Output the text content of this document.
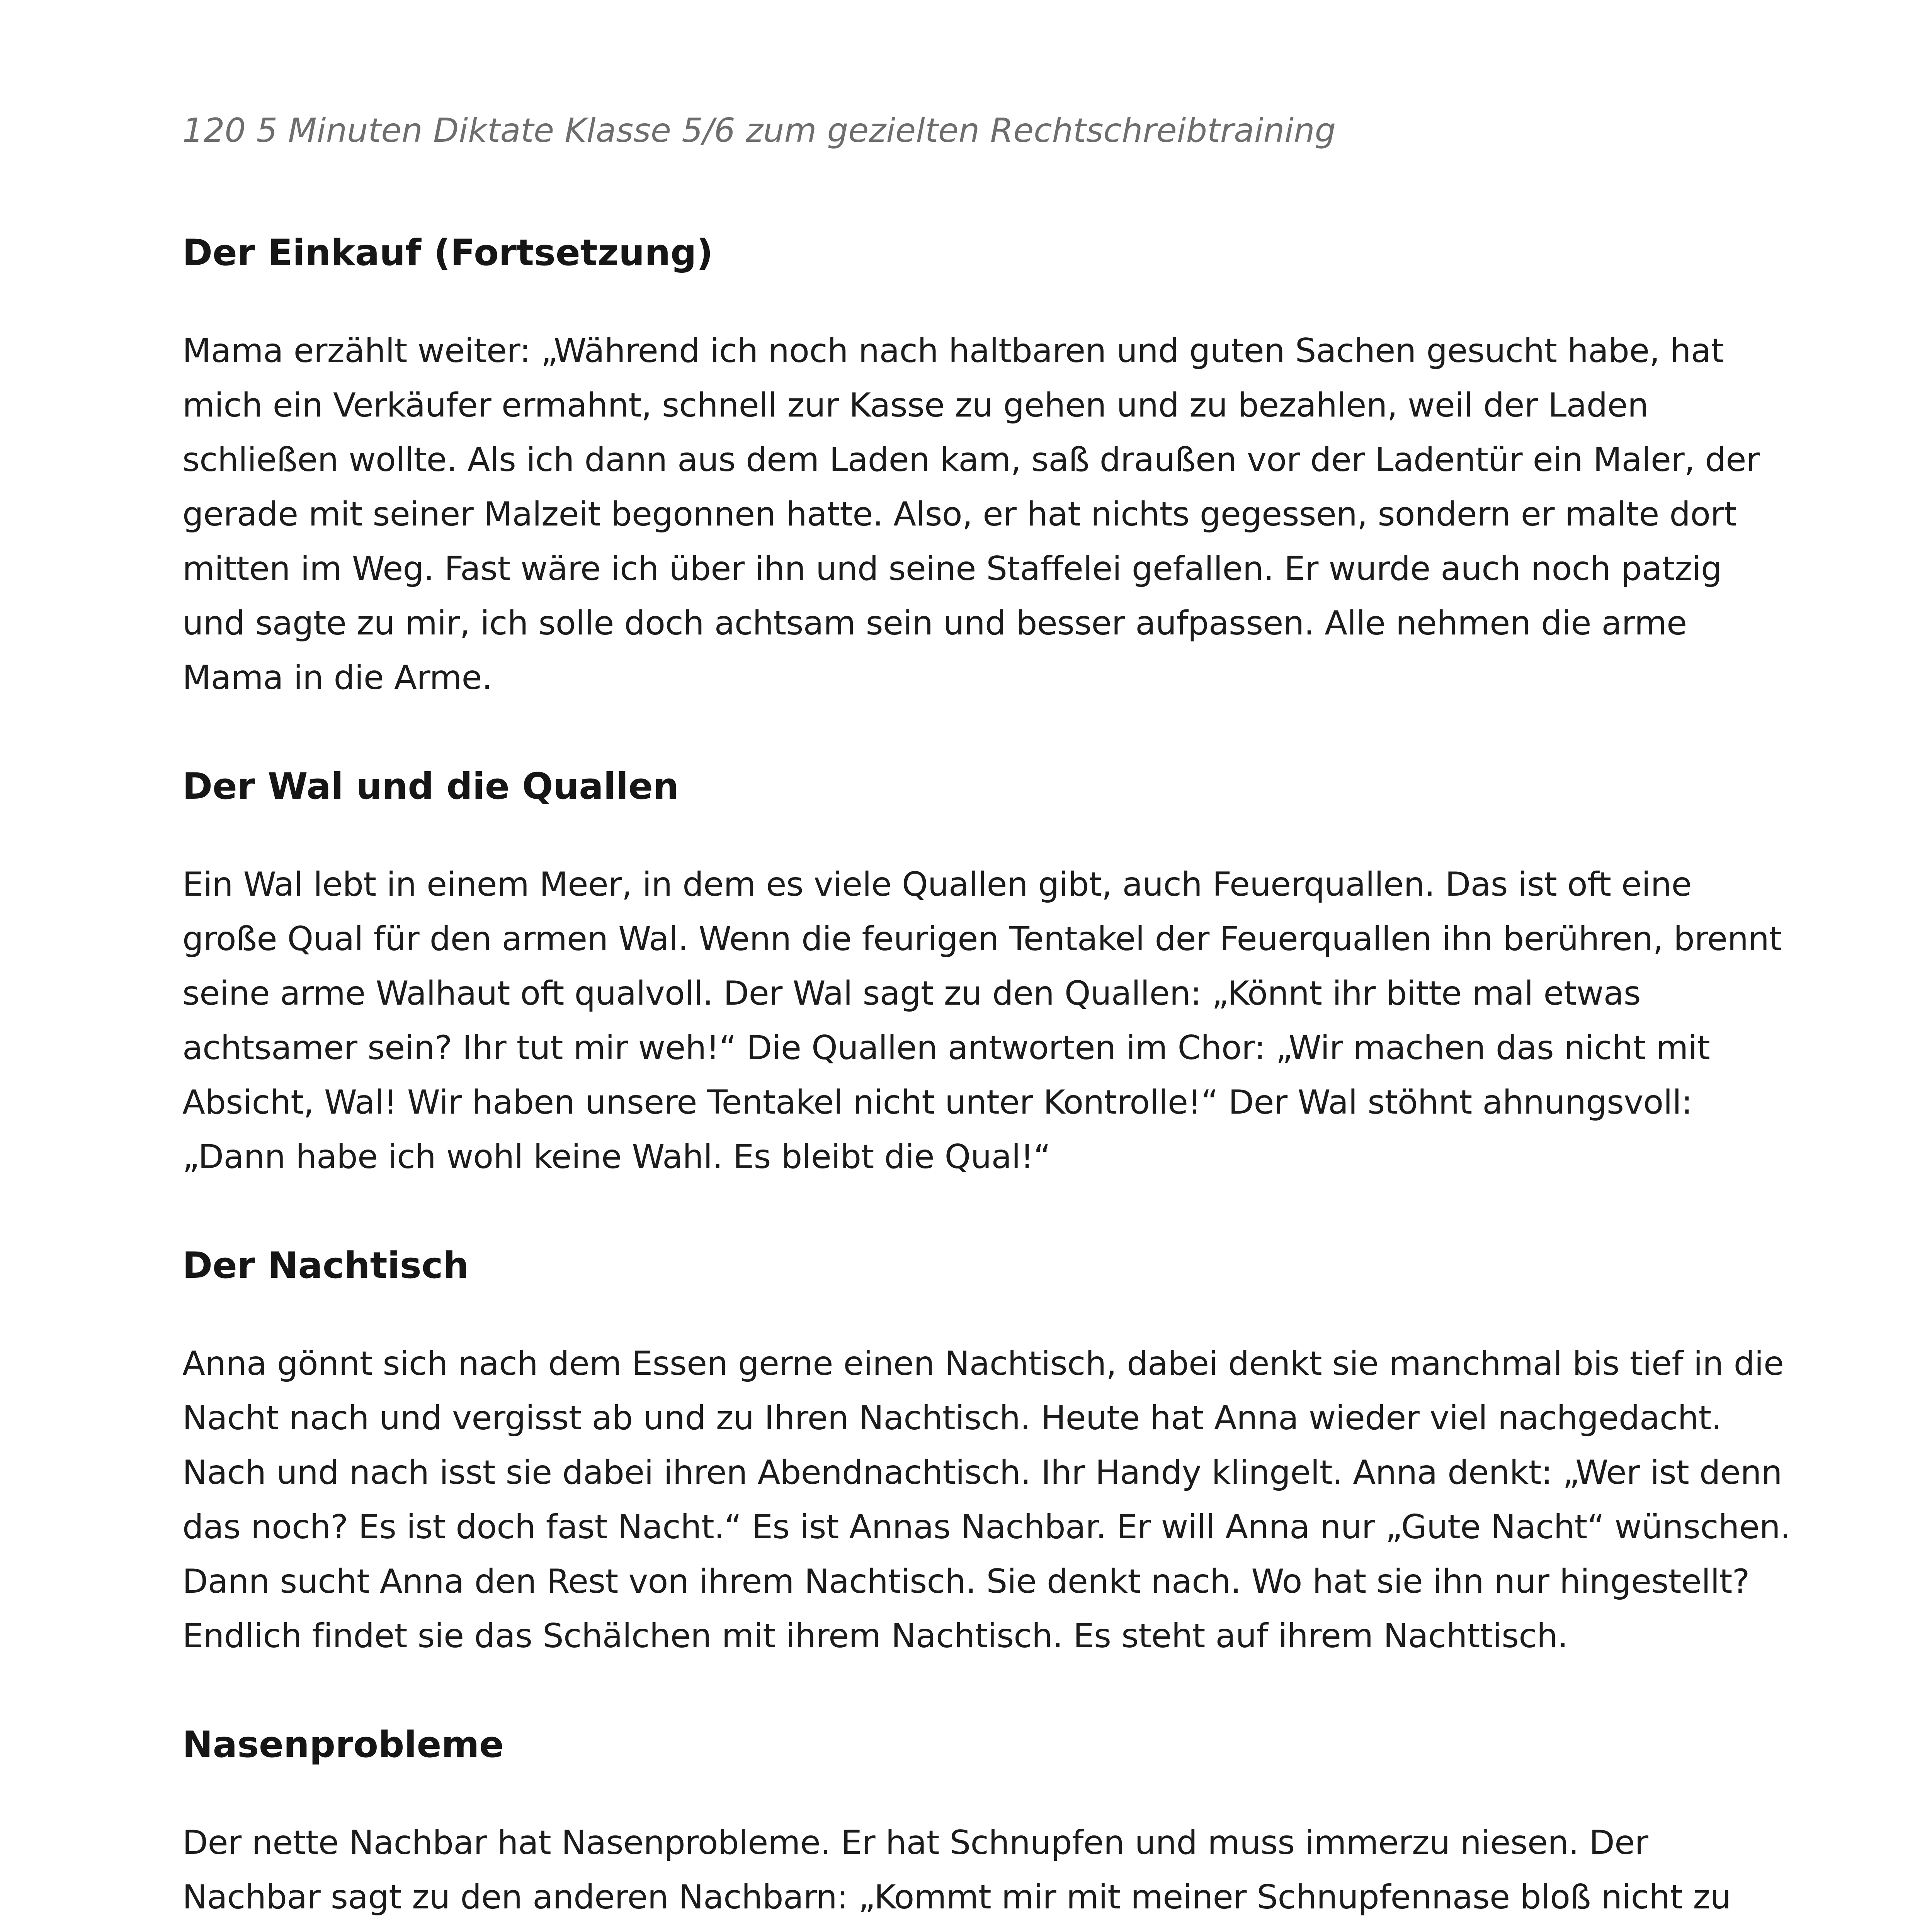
120 5 Minuten Diktate Klasse 5/6 zum gezielten Rechtschreibtraining
Der Einkauf (Fortsetzung)

Mama erzählt weiter: „Während ich noch nach haltbaren und guten Sachen gesucht habe, hat mich ein Verkäufer ermahnt, schnell zur Kasse zu gehen und zu bezahlen, weil der Laden schließen wollte. Als ich dann aus dem Laden kam, saß draußen vor der Ladentür ein Maler, der gerade mit seiner Malzeit begonnen hatte. Also, er hat nichts gegessen, sondern er malte dort mitten im Weg. Fast wäre ich über ihn und seine Staffelei gefallen. Er wurde auch noch patzig und sagte zu mir, ich solle doch achtsam sein und besser aufpassen. Alle nehmen die arme Mama in die Arme.

Der Wal und die Quallen

Ein Wal lebt in einem Meer, in dem es viele Quallen gibt, auch Feuerquallen. Das ist oft eine große Qual für den armen Wal. Wenn die feurigen Tentakel der Feuerquallen ihn berühren, brennt seine arme Walhaut oft qualvoll. Der Wal sagt zu den Quallen: „Könnt ihr bitte mal etwas achtsamer sein? Ihr tut mir weh!“ Die Quallen antworten im Chor: „Wir machen das nicht mit Absicht, Wal! Wir haben unsere Tentakel nicht unter Kontrolle!“ Der Wal stöhnt ahnungsvoll: „Dann habe ich wohl keine Wahl. Es bleibt die Qual!“

Der Nachtisch

Anna gönnt sich nach dem Essen gerne einen Nachtisch, dabei denkt sie manchmal bis tief in die Nacht nach und vergisst ab und zu Ihren Nachtisch. Heute hat Anna wieder viel nachgedacht. Nach und nach isst sie dabei ihren Abendnachtisch. Ihr Handy klingelt. Anna denkt: „Wer ist denn das noch? Es ist doch fast Nacht.“ Es ist Annas Nachbar. Er will Anna nur „Gute Nacht“ wünschen. Dann sucht Anna den Rest von ihrem Nachtisch. Sie denkt nach. Wo hat sie ihn nur hingestellt? Endlich findet sie das Schälchen mit ihrem Nachtisch. Es steht auf ihrem Nachttisch.

Nasenprobleme

Der nette Nachbar hat Nasenprobleme. Er hat Schnupfen und muss immerzu niesen. Der Nachbar sagt zu den anderen Nachbarn: „Kommt mir mit meiner Schnupfennase bloß nicht zu
